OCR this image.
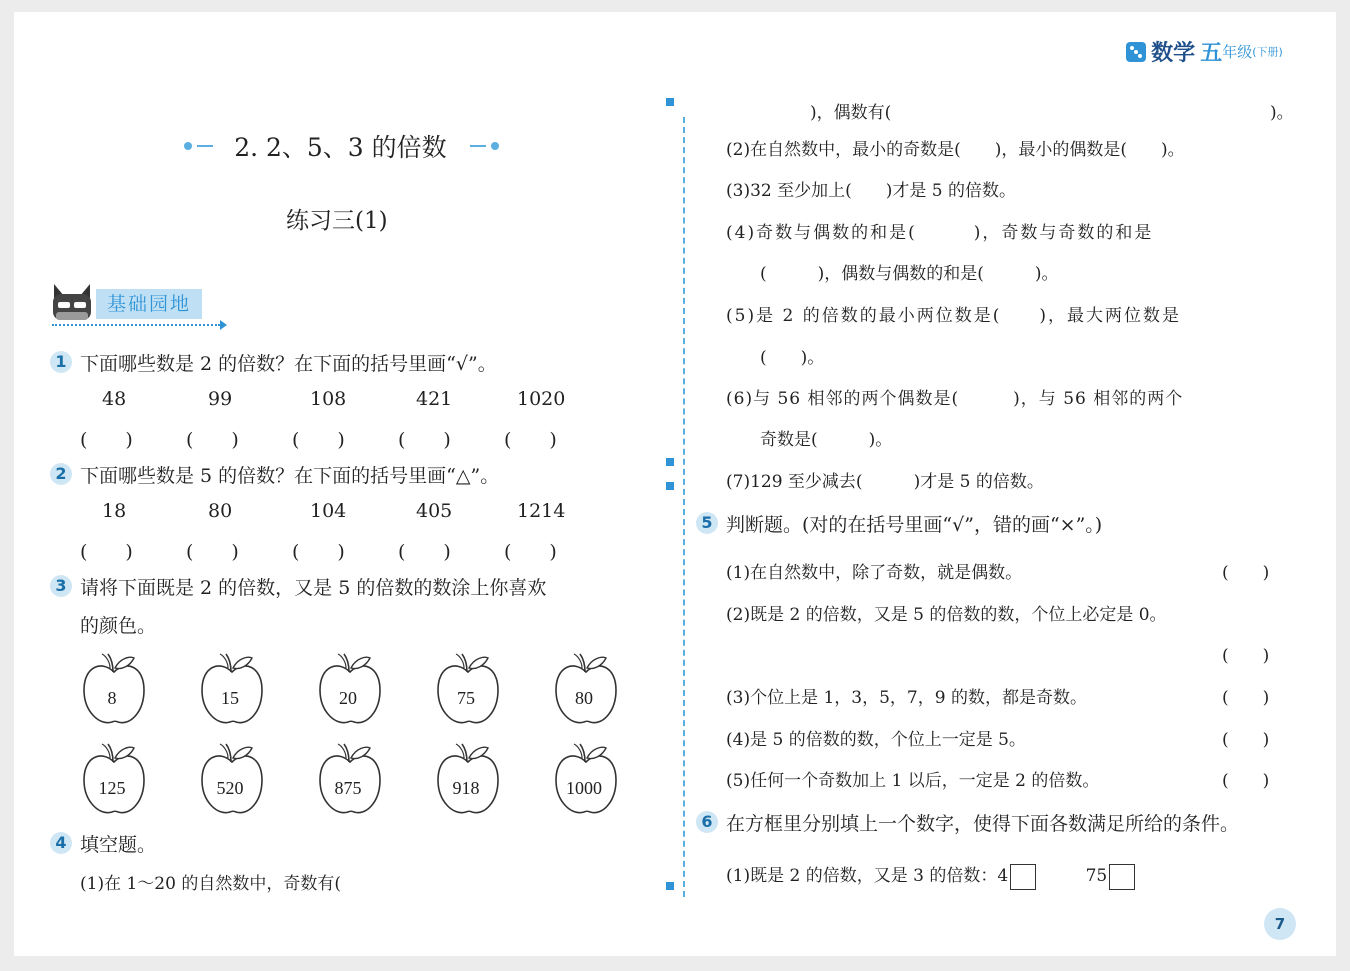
数学 五年级(下册)
2. 2、5、3 的倍数
练习三(1)
基础园地
1 下面哪些数是 2 的倍数？在下面的括号里画“√”。
48	99	108	421	1020
(　　)	(　　)	(　　)	(　　)	(　　)
2 下面哪些数是 5 的倍数？在下面的括号里画“△”。
18	80	104	405	1214
(　　)	(　　)	(　　)	(　　)	(　　)
3 请将下面既是 2 的倍数，又是 5 的倍数的数涂上你喜欢
的颜色。
8	15	20	75	80
125	520	875	918	1000
4 填空题。
(1)在 1～20 的自然数中，奇数有(
)，偶数有(	)。
(2)在自然数中，最小的奇数是(　　)，最小的偶数是(　　)。
(3)32 至少加上(　　)才是 5 的倍数。
(4)奇数与偶数的和是(　　　)，奇数与奇数的和是
(　　　)，偶数与偶数的和是(　　　)。
(5)是 2 的倍数的最小两位数是(　　)，最大两位数是
(　　)。
(6)与 56 相邻的两个偶数是(　　　)，与 56 相邻的两个
奇数是(　　　)。
(7)129 至少减去(　　　)才是 5 的倍数。
5 判断题。(对的在括号里画“√”，错的画“×”。)
(1)在自然数中，除了奇数，就是偶数。	(　　)
(2)既是 2 的倍数，又是 5 的倍数的数，个位上必定是 0。
(　　)
(3)个位上是 1，3，5，7，9 的数，都是奇数。	(　　)
(4)是 5 的倍数的数，个位上一定是 5。	(　　)
(5)任何一个奇数加上 1 以后，一定是 2 的倍数。	(　　)
6 在方框里分别填上一个数字，使得下面各数满足所给的条件。
(1)既是 2 的倍数，又是 3 的倍数：4	75
7
